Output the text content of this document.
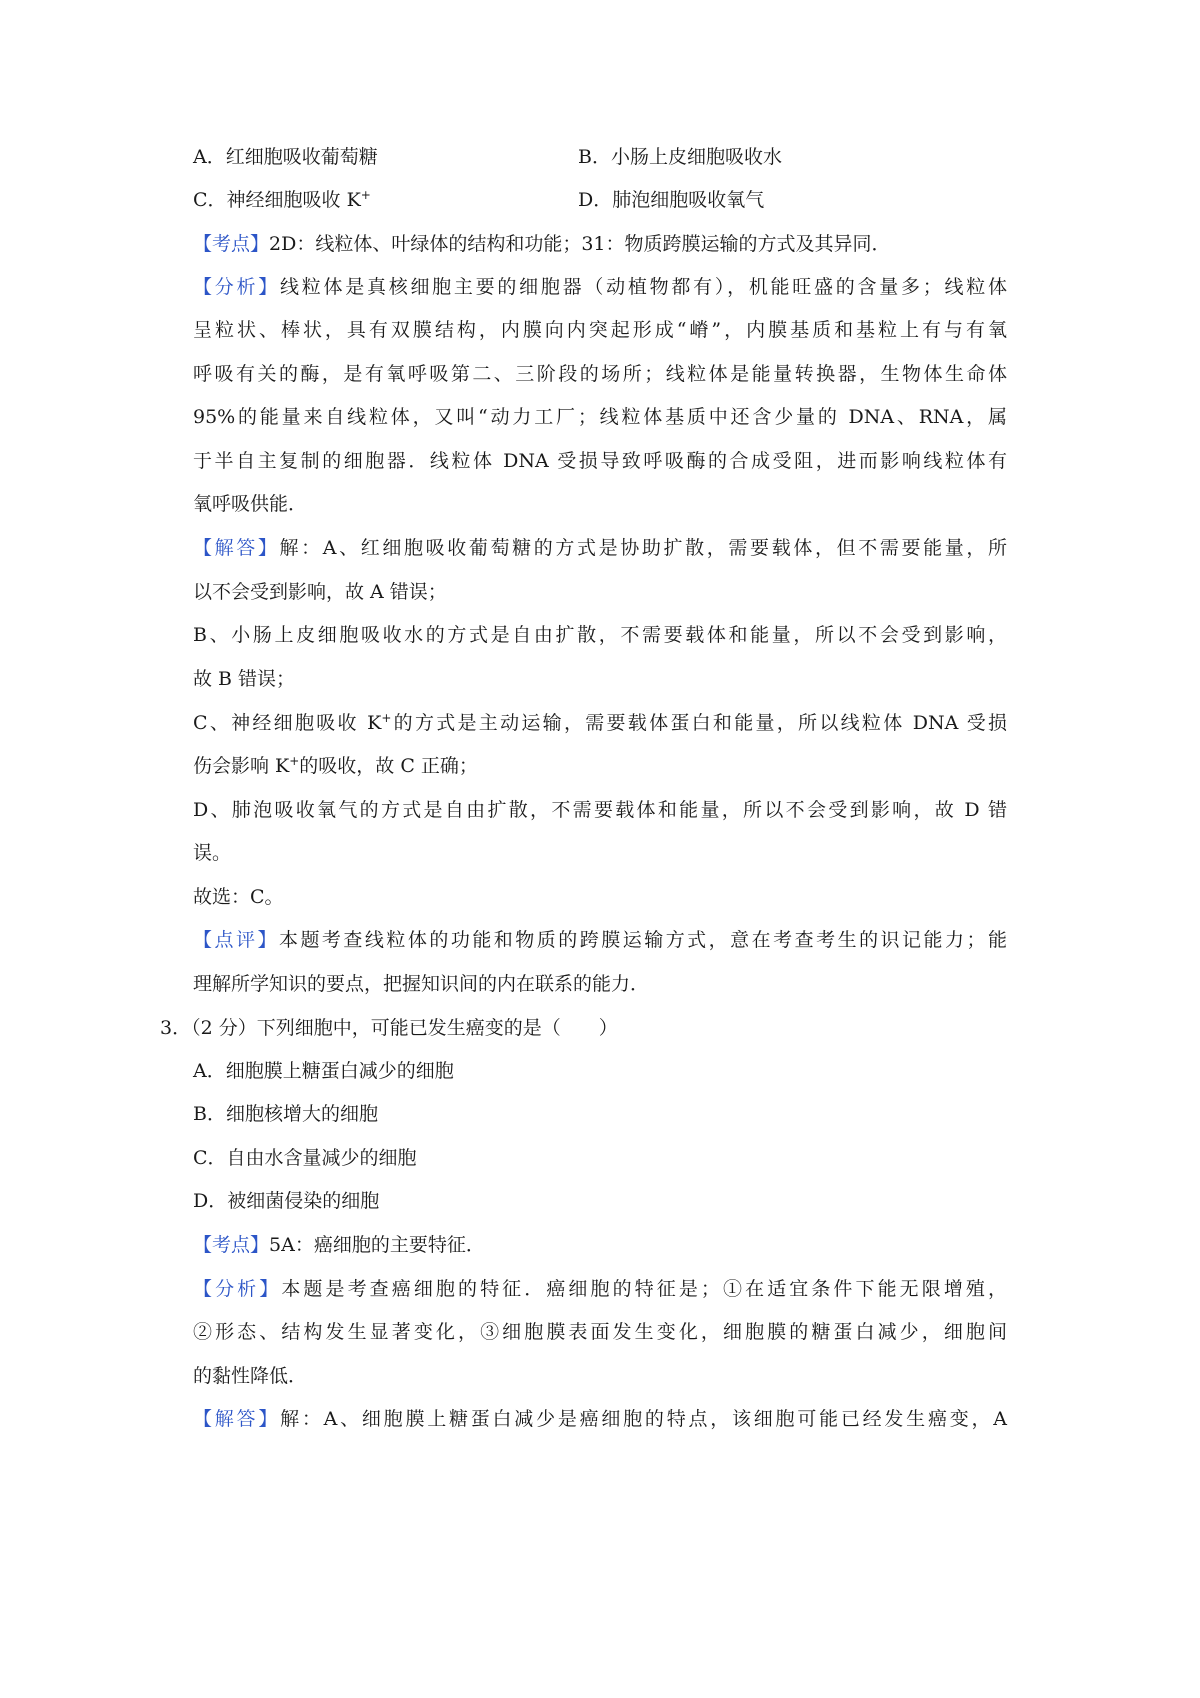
A．红细胞吸收葡萄糖	B．小肠上皮细胞吸收水
C．神经细胞吸收 K+	D．肺泡细胞吸收氧气
【考点】2D：线粒体、叶绿体的结构和功能；31：物质跨膜运输的方式及其异同．
【分析】线粒体是真核细胞主要的细胞器（动植物都有），机能旺盛的含量多；线粒体
呈粒状、棒状，具有双膜结构，内膜向内突起形成“嵴”，内膜基质和基粒上有与有氧
呼吸有关的酶，是有氧呼吸第二、三阶段的场所；线粒体是能量转换器，生物体生命体
95%的能量来自线粒体，又叫“动力工厂；线粒体基质中还含少量的 DNA、RNA，属
于半自主复制的细胞器．线粒体 DNA 受损导致呼吸酶的合成受阻，进而影响线粒体有
氧呼吸供能．
【解答】解：A、红细胞吸收葡萄糖的方式是协助扩散，需要载体，但不需要能量，所
以不会受到影响，故 A 错误；
B、小肠上皮细胞吸收水的方式是自由扩散，不需要载体和能量，所以不会受到影响，
故 B 错误；
C、神经细胞吸收 K+的方式是主动运输，需要载体蛋白和能量，所以线粒体 DNA 受损
伤会影响 K+的吸收，故 C 正确；
D、肺泡吸收氧气的方式是自由扩散，不需要载体和能量，所以不会受到影响，故 D 错
误。
故选：C。
【点评】本题考查线粒体的功能和物质的跨膜运输方式，意在考查考生的识记能力；能
理解所学知识的要点，把握知识间的内在联系的能力．
3．（2 分）下列细胞中，可能已发生癌变的是（　　）
A．细胞膜上糖蛋白减少的细胞
B．细胞核增大的细胞
C．自由水含量减少的细胞
D．被细菌侵染的细胞
【考点】5A：癌细胞的主要特征．
【分析】本题是考查癌细胞的特征．癌细胞的特征是；①在适宜条件下能无限增殖，
②形态、结构发生显著变化，③细胞膜表面发生变化，细胞膜的糖蛋白减少，细胞间
的黏性降低．
【解答】解：A、细胞膜上糖蛋白减少是癌细胞的特点，该细胞可能已经发生癌变，A
